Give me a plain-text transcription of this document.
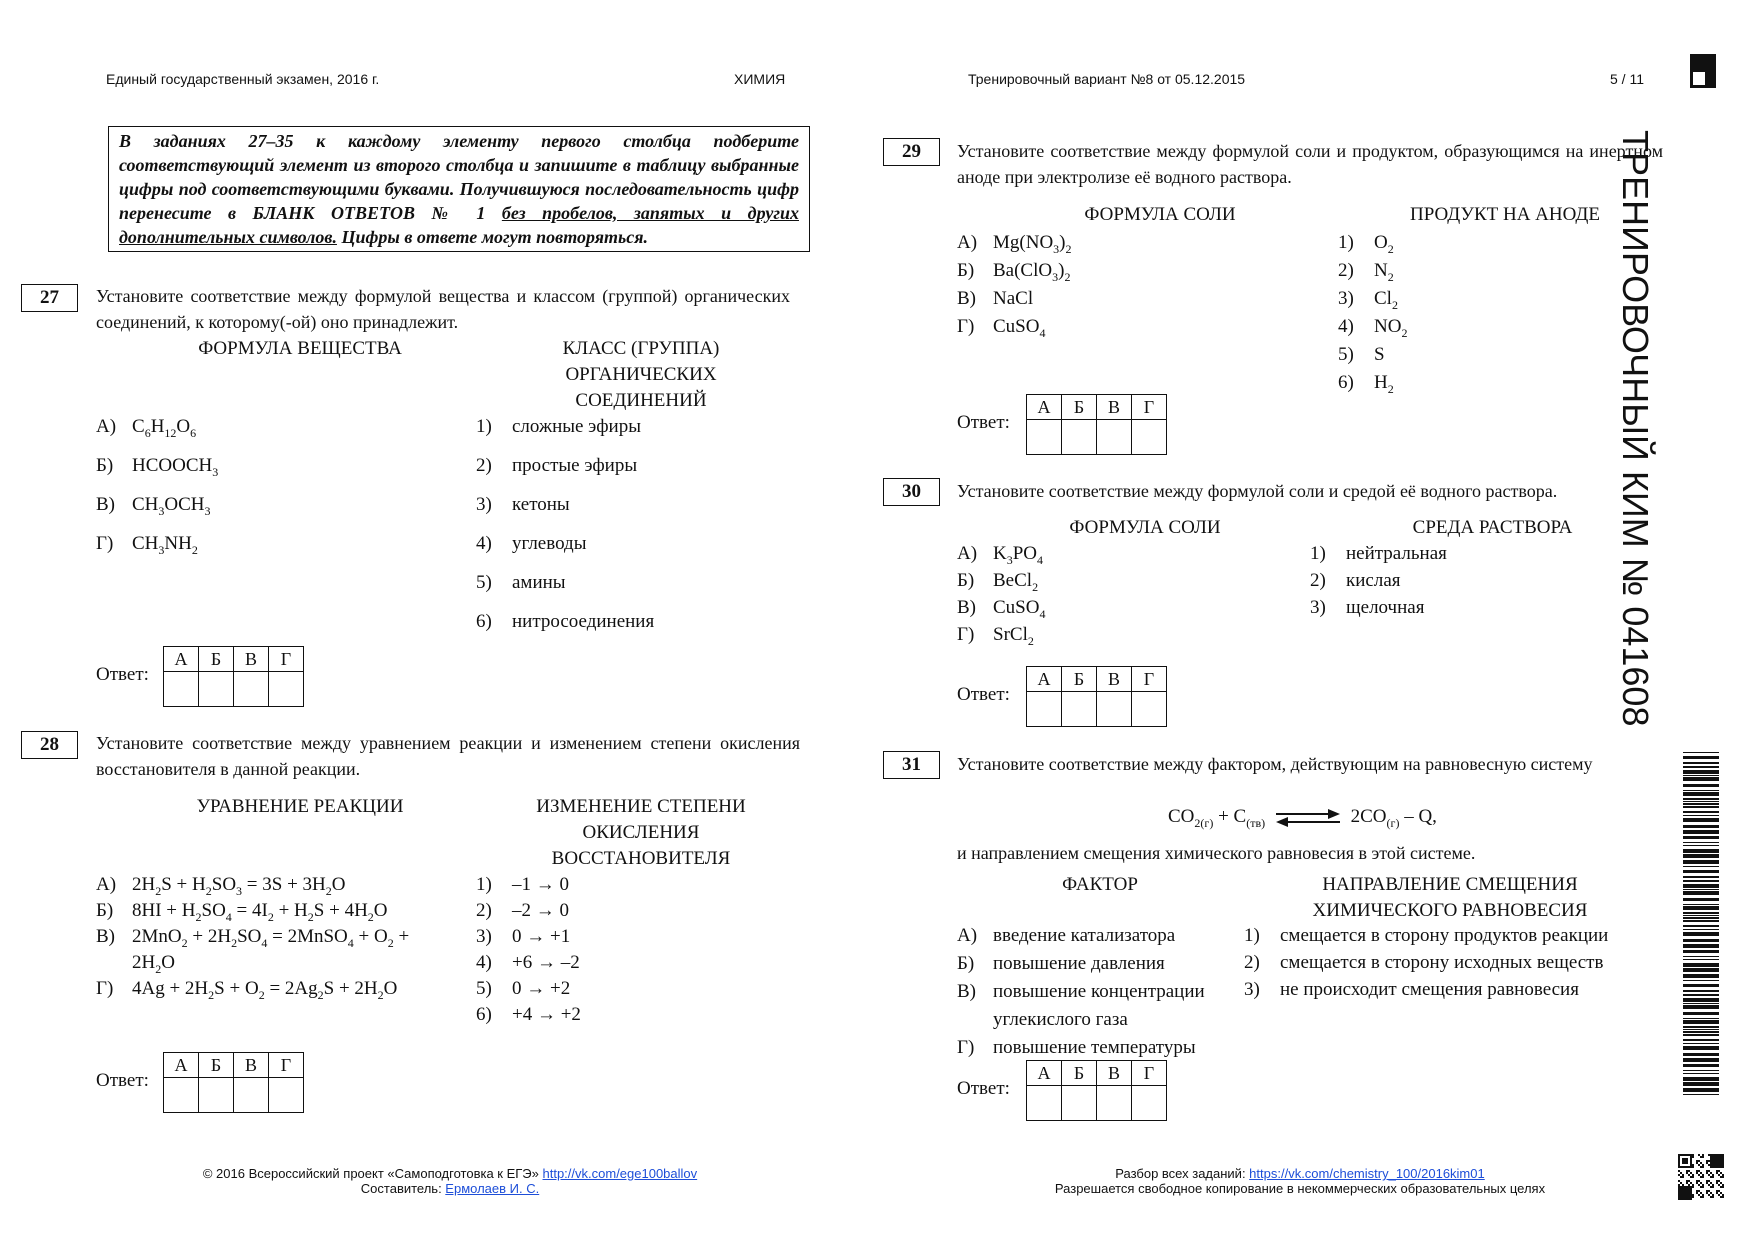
Единый государственный экзамен, 2016 г.	ХИМИЯ	Тренировочный вариант №8 от 05.12.2015	5 / 11
В заданиях 27–35 к каждому элементу первого столбца подберите соответствующий элемент из второго столбца и запишите в таблицу выбранные цифры под соответствующими буквами. Получившуюся последовательность цифр перенесите в БЛАНК ОТВЕТОВ № 1 без пробелов, запятых и других дополнительных символов. Цифры в ответе могут повторяться.
27	Установите соответствие между формулой вещества и классом (группой) органических соединений, к которому(-ой) оно принадлежит.
ФОРМУЛА ВЕЩЕСТВА	КЛАСС (ГРУППА) ОРГАНИЧЕСКИХ СОЕДИНЕНИЙ
А) $C_6H_{12}O_6$
Б) $HCOOCH_3$
В) $CH_3OCH_3$
Г) $CH_3NH_2$
1) сложные эфиры
2) простые эфиры
3) кетоны
4) углеводы
5) амины
6) нитросоединения
Ответ:
А	Б	В	Г

28	Установите соответствие между уравнением реакции и изменением степени окисления восстановителя в данной реакции.
УРАВНЕНИЕ РЕАКЦИИ	ИЗМЕНЕНИЕ СТЕПЕНИ ОКИСЛЕНИЯ ВОССТАНОВИТЕЛЯ
А) $2H_2S + H_2SO_3 = 3S + 3H_2O$
Б) $8HI + H_2SO_4 = 4I_2 + H_2S + 4H_2O$
В) $2MnO_2 + 2H_2SO_4$ = 2MnSO$_4$ + $O_2$ +
$2H_2O$
Г) $4Ag + 2H_2S + O_2 = 2Ag_2S + 2H_2O$
1) –1 → 0
2) –2 → 0
3) 0 → +1
4) +6 → –2
5) 0 → +2
6) +4 → +2
Ответ:
А	Б	В	Г

29	Установите соответствие между формулой соли и продуктом, образующимся на инертном аноде при электролизе её водного раствора.
ФОРМУЛА СОЛИ	ПРОДУКТ НА АНОДЕ
А) $Mg(NO_3)_2$
Б) $Ba(ClO_3)_2$
В) NaCl
Г) CuSO$_4$
1) $O_2$
2) $N_2$
3) $Cl_2$
4) $NO_2$
5) S
6) $H_2$
Ответ:
А	Б	В	Г

30	Установите соответствие между формулой соли и средой её водного раствора.
ФОРМУЛА СОЛИ	СРЕДА РАСТВОРА
А) $K_3PO_4$
Б) BeCl$_2$
В) CuSO$_4$
Г) SrCl$_2$
1) нейтральная
2) кислая
3) щелочная
Ответ:
А	Б	В	Г

31	Установите соответствие между фактором, действующим на равновесную систему
$CO_{2(г)} + C_{(тв)}$ ⇌ $2CO_{(г)}$ – Q,
и направлением смещения химического равновесия в этой системе.
ФАКТОР	НАПРАВЛЕНИЕ СМЕЩЕНИЯ ХИМИЧЕСКОГО РАВНОВЕСИЯ
А) введение катализатора
Б) повышение давления
В) повышение концентрации
углекислого газа
Г) повышение температуры
1) смещается в сторону продуктов реакции
2) смещается в сторону исходных веществ
3) не происходит смещения равновесия
Ответ:
А	Б	В	Г

ТРЕНИРОВОЧНЫЙ КИМ № 041608
© 2016 Всероссийский проект «Самоподготовка к ЕГЭ» http://vk.com/ege100ballov
Составитель: Ермолаев И. С.
Разбор всех заданий: https://vk.com/chemistry_100/2016kim01
Разрешается свободное копирование в некоммерческих образовательных целях
